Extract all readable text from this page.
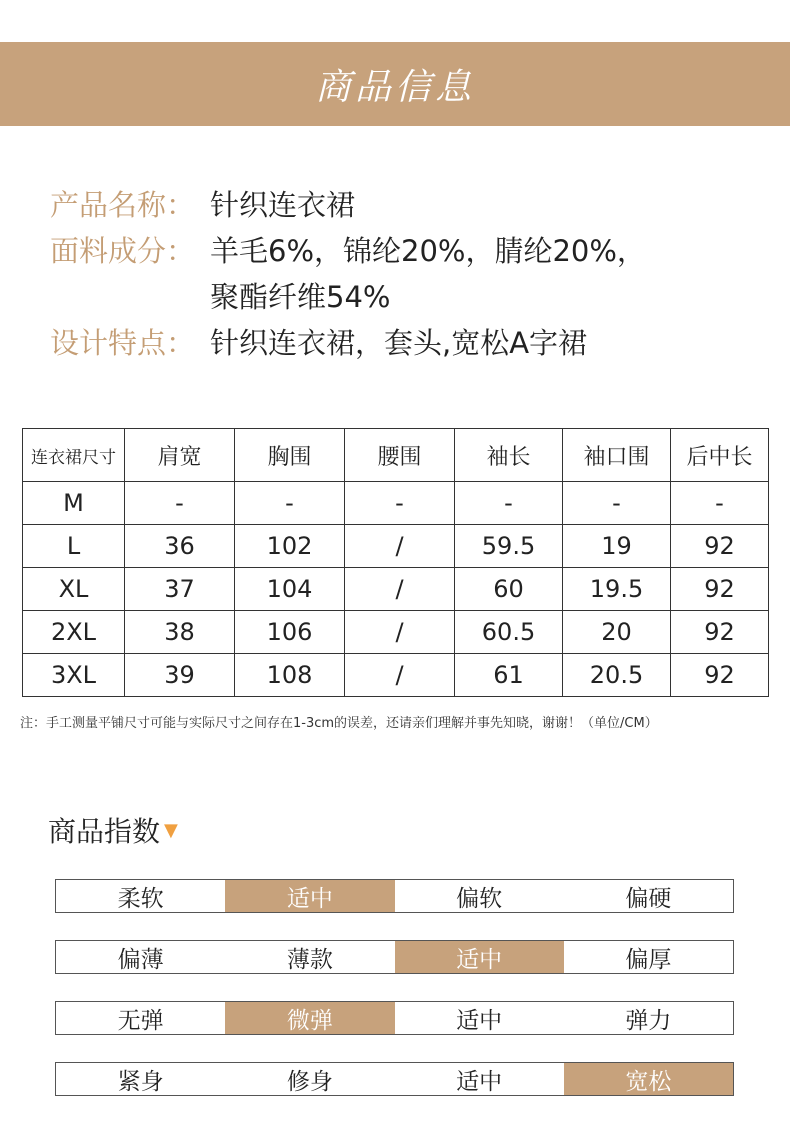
商品信息
产品名称： 针织连衣裙
面料成分： 羊毛6%，锦纶20%，腈纶20%，
聚酯纤维54%
设计特点： 针织连衣裙，套头,宽松A字裙
连衣裙尺寸	肩宽	胸围	腰围	袖长	袖口围	后中长
M	-	-	-	-	-	-
L	36	102	/	59.5	19	92
XL	37	104	/	60	19.5	92
2XL	38	106	/	60.5	20	92
3XL	39	108	/	61	20.5	92
注：手工测量平铺尺寸可能与实际尺寸之间存在1-3cm的误差，还请亲们理解并事先知晓，谢谢！（单位/CM）
商品指数 ▼
柔软	适中	偏软	偏硬
偏薄	薄款	适中	偏厚
无弹	微弹	适中	弹力
紧身	修身	适中	宽松
